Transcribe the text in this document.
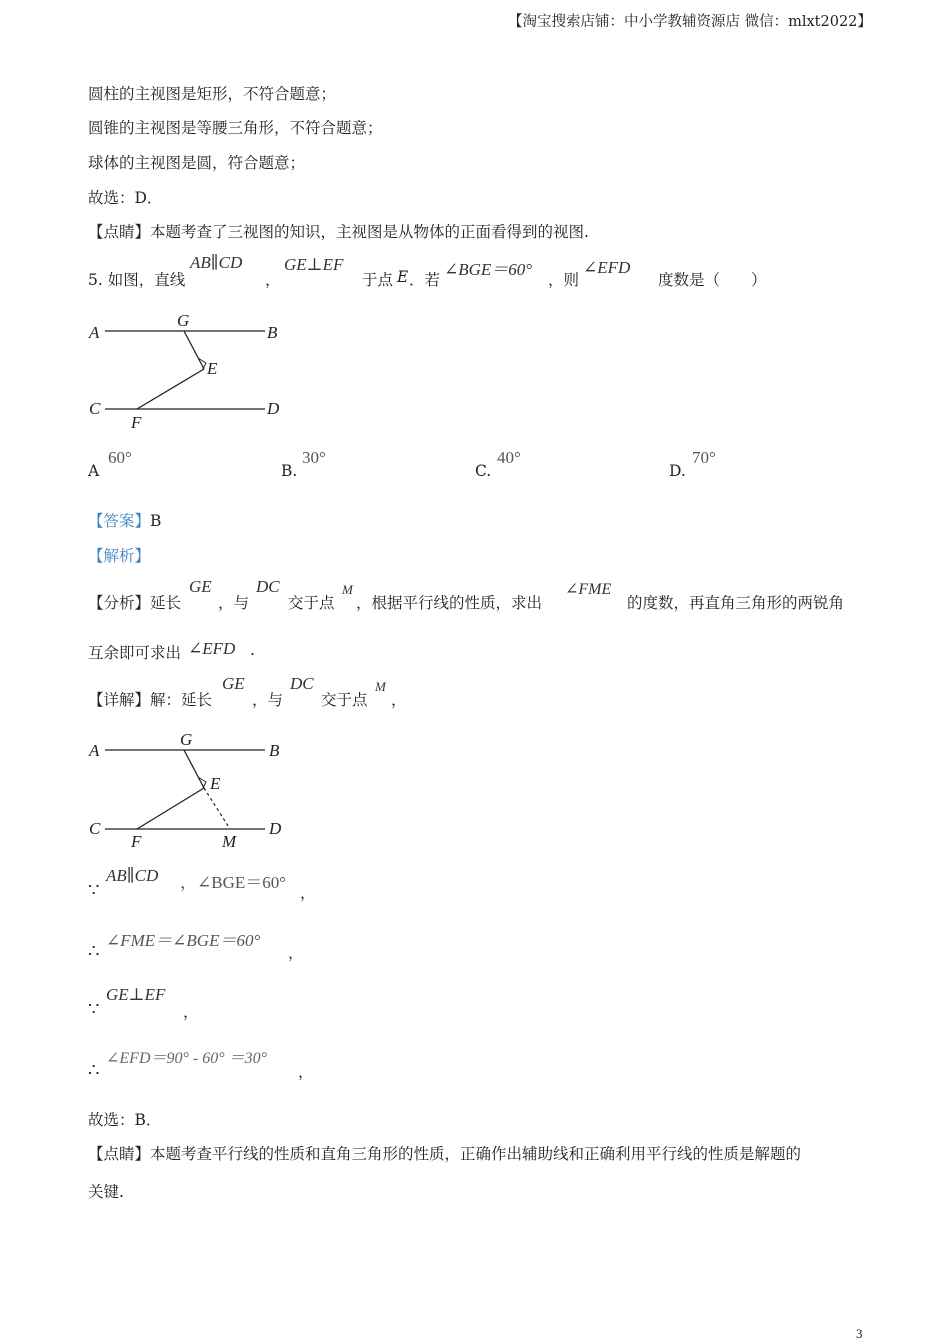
【淘宝搜索店铺：中小学教辅资源店 微信：mlxt2022】
圆柱的主视图是矩形，不符合题意；
圆锥的主视图是等腰三角形，不符合题意；
球体的主视图是圆，符合题意；
故选：D．
【点睛】本题考查了三视图的知识，主视图是从物体的正面看得到的视图.
5. 如图，直线
AB∥CD
，
GE⊥EF
于点 E ．若
∠BGE＝60°
，则
∠EFD
度数是（　　）
A	B
C	D
G
E
F
A
60°
B.
30°
C.
40°
D.
70°
【答案】B
【解析】
【分析】延长
GE
，与
DC
交于点
M
，根据平行线的性质，求出
∠FME
的度数，再直角三角形的两锐角
互余即可求出 ∠EFD .
【详解】解：延长
GE
，与
DC
交于点
M
，
A	B
C	D
G
E
F	M
∵
AB∥CD ，∠BGE＝60°
，
∴
∠FME＝∠BGE＝60°
，
∵
GE⊥EF
，
∴
∠EFD＝90° - 60° ＝30°
，
故选：B．
【点睛】本题考查平行线的性质和直角三角形的性质，正确作出辅助线和正确利用平行线的性质是解题的
关键.
3
